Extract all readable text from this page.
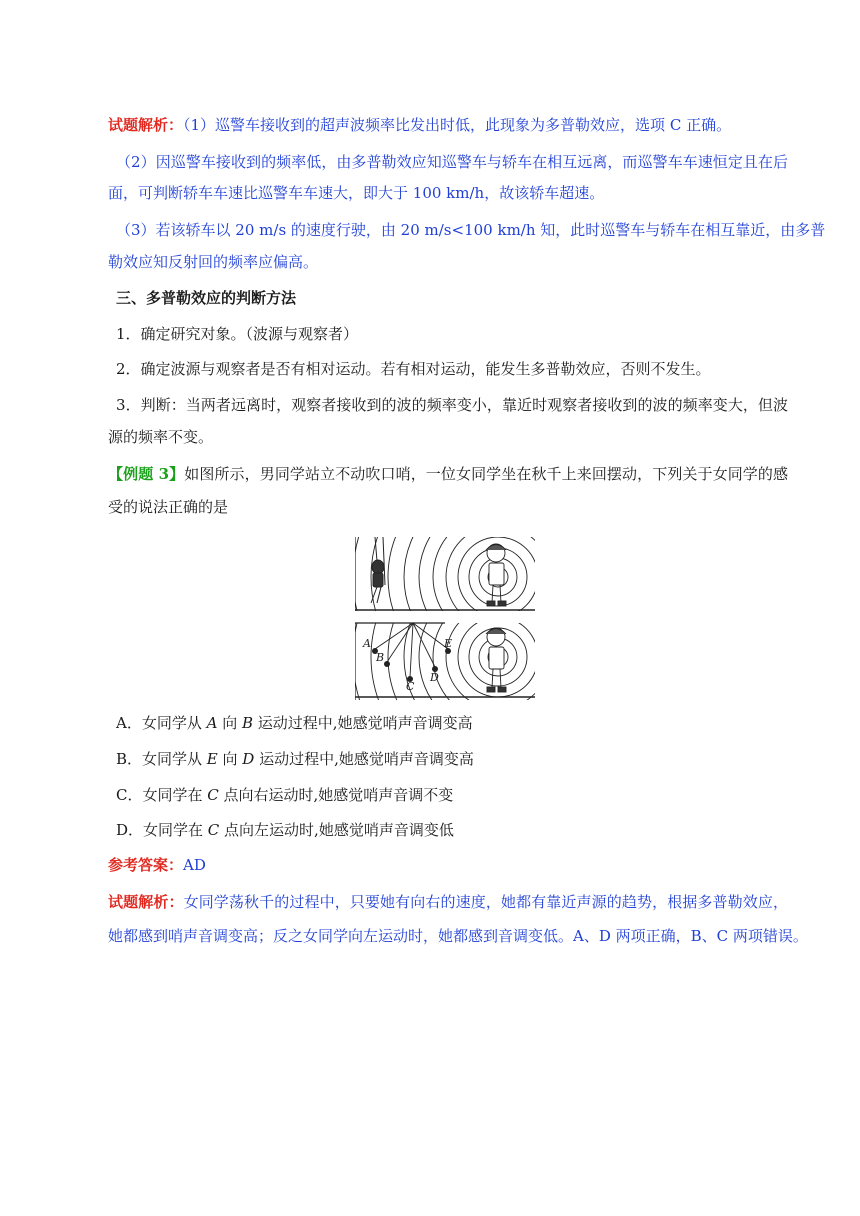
试题解析：（1）巡警车接收到的超声波频率比发出时低，此现象为多普勒效应，选项 C 正确。
（2）因巡警车接收到的频率低，由多普勒效应知巡警车与轿车在相互远离，而巡警车车速恒定且在后
面，可判断轿车车速比巡警车车速大，即大于 100 km/h，故该轿车超速。
（3）若该轿车以 20 m/s 的速度行驶，由 20 m/s<100 km/h 知，此时巡警车与轿车在相互靠近，由多普
勒效应知反射回的频率应偏高。
三、多普勒效应的判断方法
1．确定研究对象。（波源与观察者）
2．确定波源与观察者是否有相对运动。若有相对运动，能发生多普勒效应，否则不发生。
3．判断：当两者远离时，观察者接收到的波的频率变小，靠近时观察者接收到的波的频率变大，但波
源的频率不变。
【例题 3】如图所示，男同学站立不动吹口哨，一位女同学坐在秋千上来回摆动，下列关于女同学的感
受的说法正确的是
A
B
C
D
E
A．女同学从 A 向 B 运动过程中,她感觉哨声音调变高
B．女同学从 E 向 D 运动过程中,她感觉哨声音调变高
C．女同学在 C 点向右运动时,她感觉哨声音调不变
D．女同学在 C 点向左运动时,她感觉哨声音调变低
参考答案：AD
试题解析：女同学荡秋千的过程中，只要她有向右的速度，她都有靠近声源的趋势，根据多普勒效应，
她都感到哨声音调变高；反之女同学向左运动时，她都感到音调变低。A、D 两项正确，B、C 两项错误。
